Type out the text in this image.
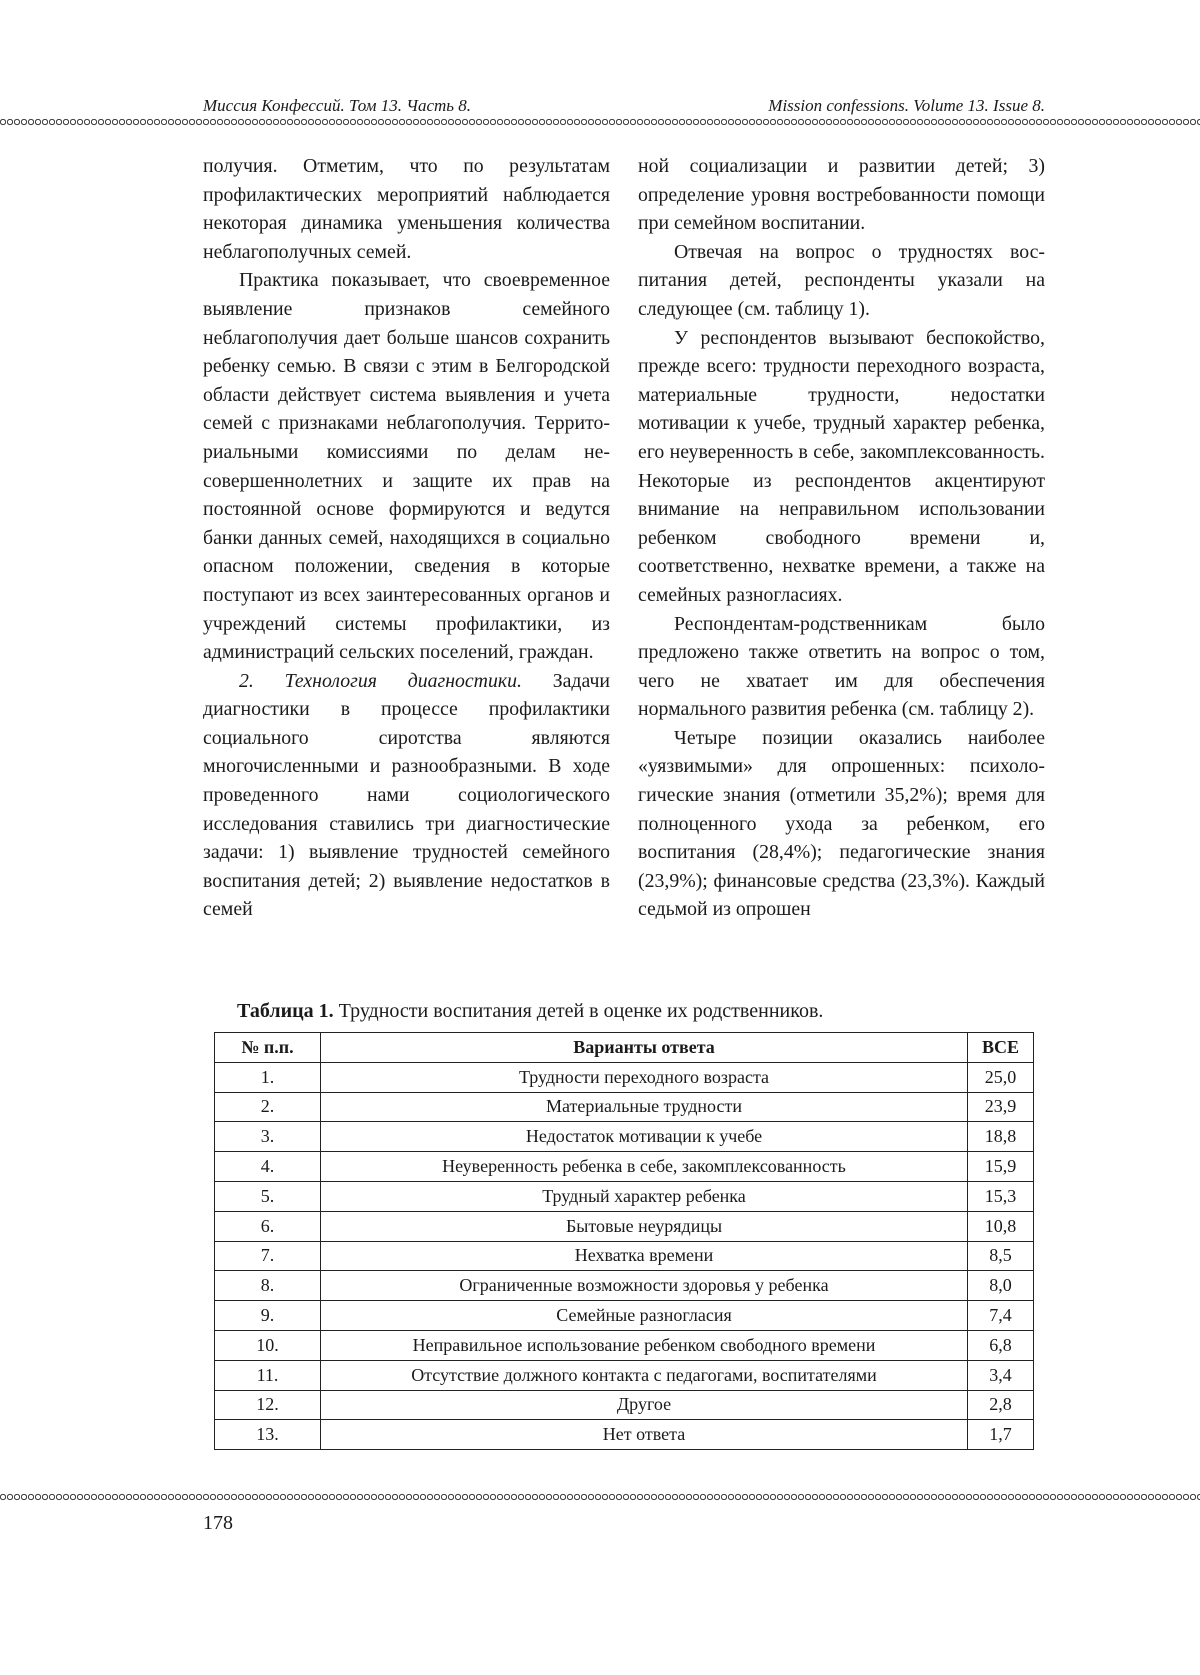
Миссия Конфессий. Том 13. Часть 8.	Mission confessions. Volume 13. Issue 8.

получия. Отметим, что по результатам профилактических мероприятий наблюдается некоторая динамика уменьшения количества неблагополучных семей.

Практика показывает, что своевременное выявление признаков семейного неблагополучия дает больше шансов сохранить ребенку семью. В связи с этим в Белгородской области действует система выявления и учета семей с признаками неблагополучия. Территориальными комиссиями по делам несовершеннолетних и защите их прав на постоянной основе формируются и ведутся банки данных семей, находящихся в социально опасном положении, сведения в которые поступают из всех заинтересованных органов и учреждений системы профилактики, из администраций сельских поселений, граждан.

2. Технология диагностики. Задачи диагностики в процессе профилактики социального сиротства являются многочисленными и разнообразными. В ходе проведенного нами социологического исследования ставились три диагностические задачи: 1) выявление трудностей семейного воспитания детей; 2) выявление недостатков в семей

ной социализации и развитии детей; 3) определение уровня востребованности помощи при семейном воспитании.

Отвечая на вопрос о трудностях воспитания детей, респонденты указали на следующее (см. таблицу 1).

У респондентов вызывают беспокойство, прежде всего: трудности переходного возраста, материальные трудности, недостатки мотивации к учебе, трудный характер ребенка, его неуверенность в себе, закомплексованность. Некоторые из респондентов акцентируют внимание на неправильном использовании ребенком свободного времени и, соответственно, нехватке времени, а также на семейных разногласиях.

Респондентам-родственникам было предложено также ответить на вопрос о том, чего не хватает им для обеспечения нормального развития ребенка (см. таблицу 2).

Четыре позиции оказались наиболее «уязвимыми» для опрошенных: психологические знания (отметили 35,2%); время для полноценного ухода за ребенком, его воспитания (28,4%); педагогические знания (23,9%); финансовые средства (23,3%). Каждый седьмой из опрошен

Таблица 1. Трудности воспитания детей в оценке их родственников.
№ п.п.	Варианты ответа	ВСЕ
1.	Трудности переходного возраста	25,0
2.	Материальные трудности	23,9
3.	Недостаток мотивации к учебе	18,8
4.	Неуверенность ребенка в себе, закомплексованность	15,9
5.	Трудный характер ребенка	15,3
6.	Бытовые неурядицы	10,8
7.	Нехватка времени	8,5
8.	Ограниченные возможности здоровья у ребенка	8,0
9.	Семейные разногласия	7,4
10.	Неправильное использование ребенком свободного времени	6,8
11.	Отсутствие должного контакта с педагогами, воспитателями	3,4
12.	Другое	2,8
13.	Нет ответа	1,7
178
